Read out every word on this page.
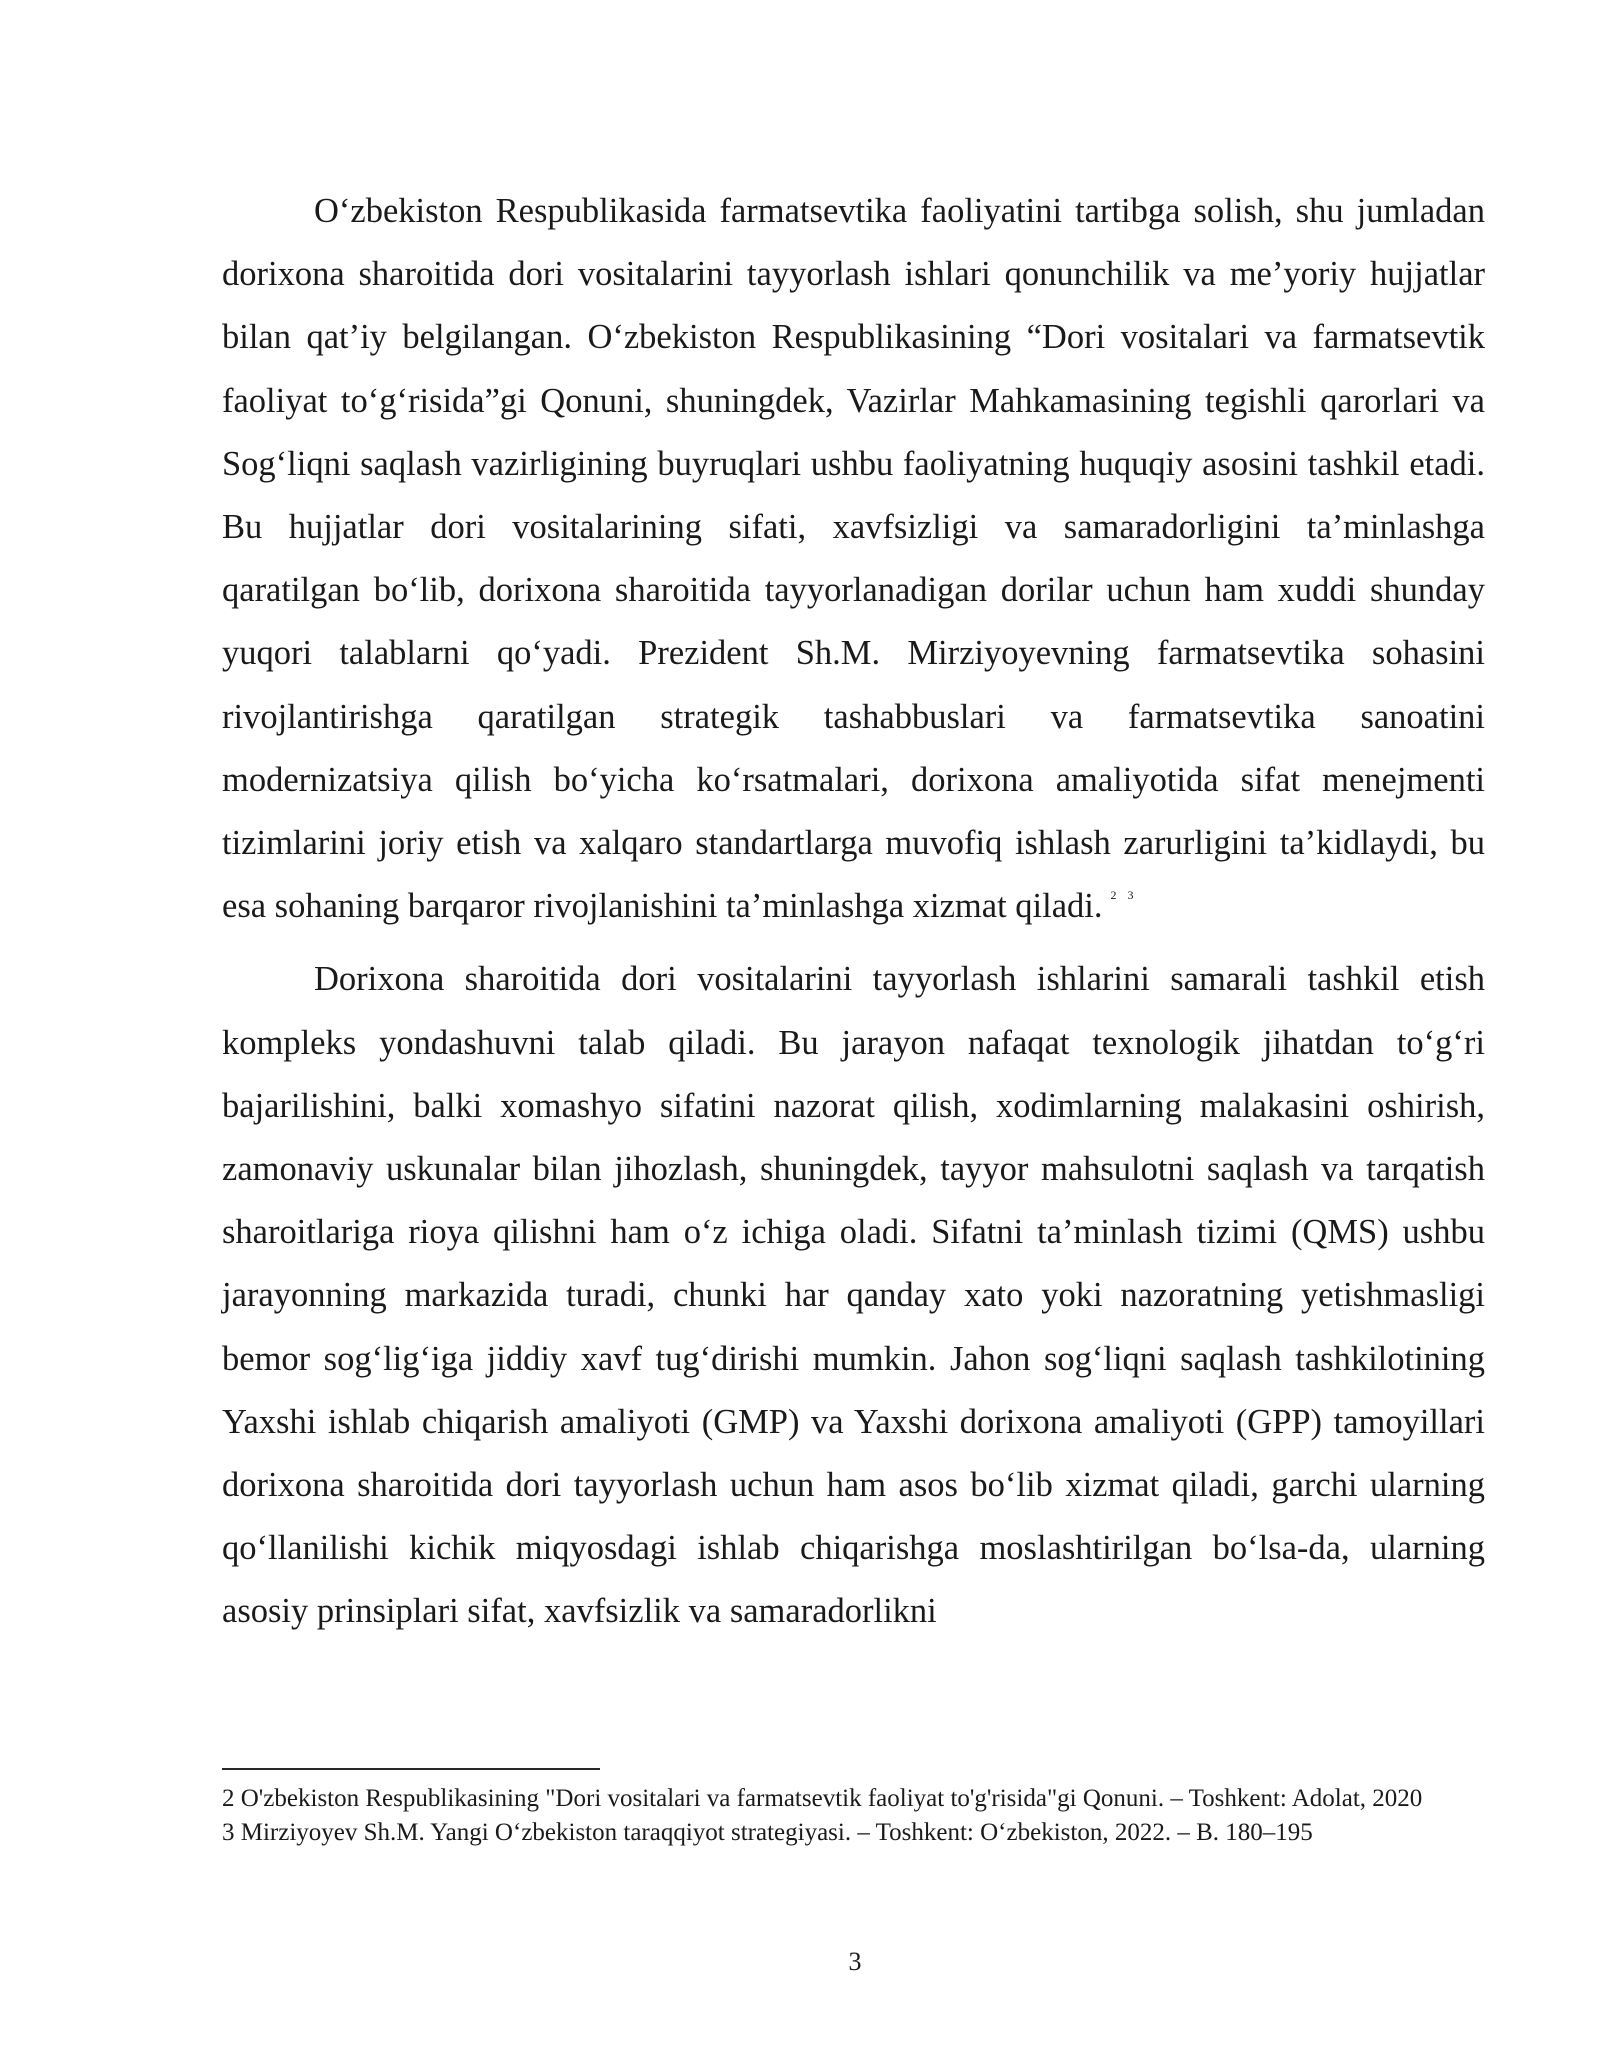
O‘zbekiston Respublikasida farmatsevtika faoliyatini tartibga solish, shu jumladan dorixona sharoitida dori vositalarini tayyorlash ishlari qonunchilik va me’yoriy hujjatlar bilan qat’iy belgilangan. O‘zbekiston Respublikasining “Dori vositalari va farmatsevtik faoliyat to‘g‘risida”gi Qonuni, shuningdek, Vazirlar Mahkamasining tegishli qarorlari va Sog‘liqni saqlash vazirligining buyruqlari ushbu faoliyatning huquqiy asosini tashkil etadi. Bu hujjatlar dori vositalarining sifati, xavfsizligi va samaradorligini ta’minlashga qaratilgan bo‘lib, dorixona sharoitida tayyorlanadigan dorilar uchun ham xuddi shunday yuqori talablarni qo‘yadi. Prezident Sh.M. Mirziyoyevning farmatsevtika sohasini rivojlantirishga qaratilgan strategik tashabbuslari va farmatsevtika sanoatini modernizatsiya qilish bo‘yicha ko‘rsatmalari, dorixona amaliyotida sifat menejmenti tizimlarini joriy etish va xalqaro standartlarga muvofiq ishlash zarurligini ta’kidlaydi, bu esa sohaning barqaror rivojlanishini ta’minlashga xizmat qiladi. $^{2 3}$

Dorixona sharoitida dori vositalarini tayyorlash ishlarini samarali tashkil etish kompleks yondashuvni talab qiladi. Bu jarayon nafaqat texnologik jihatdan to‘g‘ri bajarilishini, balki xomashyo sifatini nazorat qilish, xodimlarning malakasini oshirish, zamonaviy uskunalar bilan jihozlash, shuningdek, tayyor mahsulotni saqlash va tarqatish sharoitlariga rioya qilishni ham o‘z ichiga oladi. Sifatni ta’minlash tizimi (QMS) ushbu jarayonning markazida turadi, chunki har qanday xato yoki nazoratning yetishmasligi bemor sog‘lig‘iga jiddiy xavf tug‘dirishi mumkin. Jahon sog‘liqni saqlash tashkilotining Yaxshi ishlab chiqarish amaliyoti (GMP) va Yaxshi dorixona amaliyoti (GPP) tamoyillari dorixona sharoitida dori tayyorlash uchun ham asos bo‘lib xizmat qiladi, garchi ularning qo‘llanilishi kichik miqyosdagi ishlab chiqarishga moslashtirilgan bo‘lsa-da, ularning asosiy prinsiplari sifat, xavfsizlik va samaradorlikni

2 O'zbekiston Respublikasining "Dori vositalari va farmatsevtik faoliyat to'g'risida"gi Qonuni. – Toshkent: Adolat, 2020

3 Mirziyoyev Sh.M. Yangi O‘zbekiston taraqqiyot strategiyasi. – Toshkent: O‘zbekiston, 2022. – B. 180–195

3
